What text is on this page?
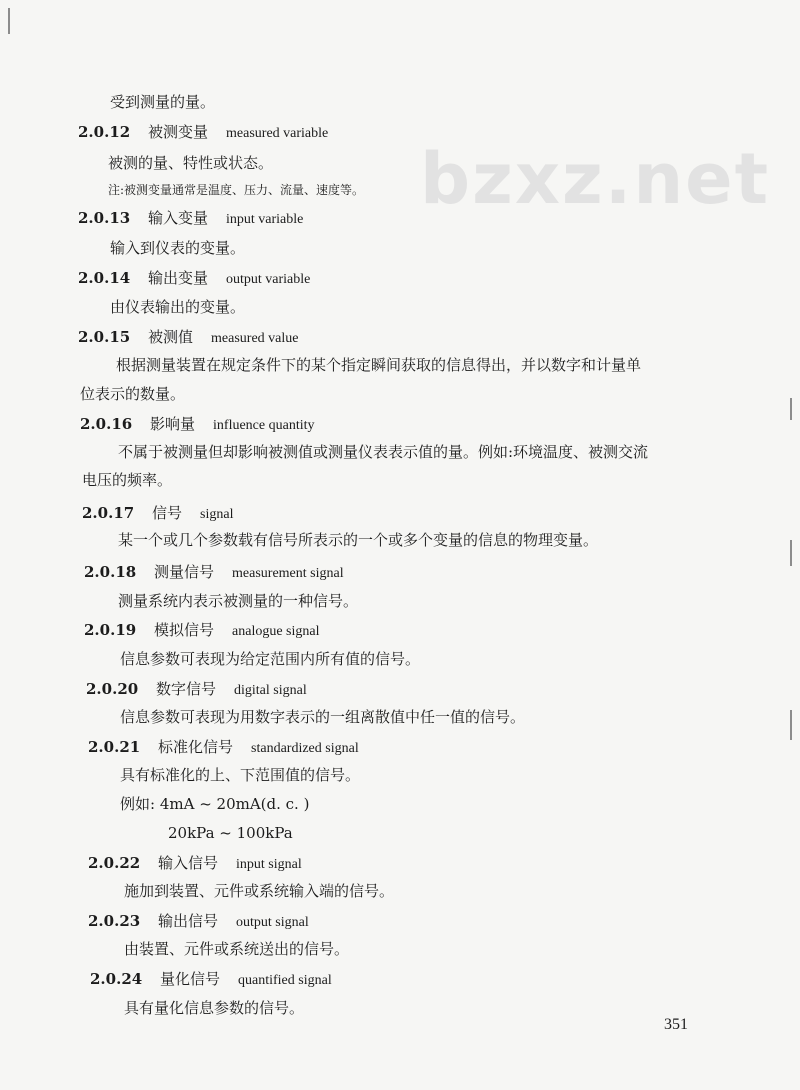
bzxz.net
受到测量的量。
2.0.12 被测变量 measured variable
被测的量、特性或状态。
注:被测变量通常是温度、压力、流量、速度等。
2.0.13 输入变量 input variable
输入到仪表的变量。
2.0.14 输出变量 output variable
由仪表输出的变量。
2.0.15 被测值 measured value
根据测量装置在规定条件下的某个指定瞬间获取的信息得出，并以数字和计量单
位表示的数量。
2.0.16 影响量 influence quantity
不属于被测量但却影响被测值或测量仪表表示值的量。例如:环境温度、被测交流
电压的频率。
2.0.17 信号 signal
某一个或几个参数载有信号所表示的一个或多个变量的信息的物理变量。
2.0.18 测量信号 measurement signal
测量系统内表示被测量的一种信号。
2.0.19 模拟信号 analogue signal
信息参数可表现为给定范围内所有值的信号。
2.0.20 数字信号 digital signal
信息参数可表现为用数字表示的一组离散值中任一值的信号。
2.0.21 标准化信号 standardized signal
具有标准化的上、下范围值的信号。
例如: 4mA ~ 20mA(d. c. )
20kPa ~ 100kPa
2.0.22 输入信号 input signal
施加到装置、元件或系统输入端的信号。
2.0.23 输出信号 output signal
由装置、元件或系统送出的信号。
2.0.24 量化信号 quantified signal
具有量化信息参数的信号。
351
